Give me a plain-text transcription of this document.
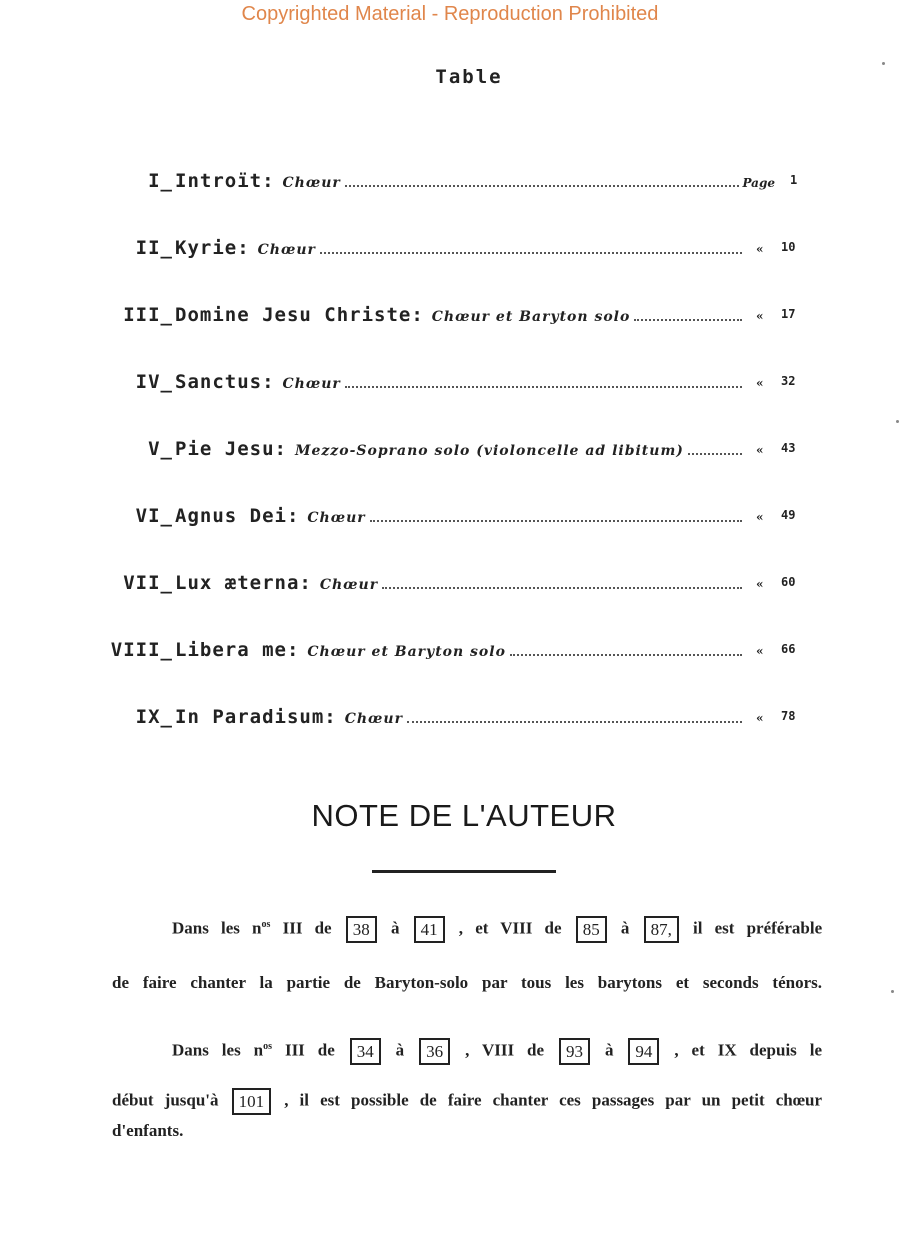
Copyrighted Material - Reproduction Prohibited
Table
I_ Introït: Chœur	Page 1
II_ Kyrie: Chœur	« 10
III_ Domine Jesu Christe: Chœur et Baryton solo	« 17
IV_ Sanctus: Chœur	« 32
V_ Pie Jesu: Mezzo-Soprano solo (violoncelle ad libitum)	« 43
VI_ Agnus Dei: Chœur	« 49
VII_ Lux æterna: Chœur	« 60
VIII_ Libera me: Chœur et Baryton solo	« 66
IX_ In Paradisum: Chœur	« 78
NOTE DE L'AUTEUR
Dans les $n^{os}$ III de 38 à 41 , et VIII de 85 à 87, il est préférable
de faire chanter la partie de Baryton-solo par tous les barytons et seconds ténors.
Dans les $n^{os}$ III de 34 à 36 , VIII de 93 à 94 , et IX depuis le
début jusqu'à 101 , il est possible de faire chanter ces passages par un petit chœur
d'enfants.
